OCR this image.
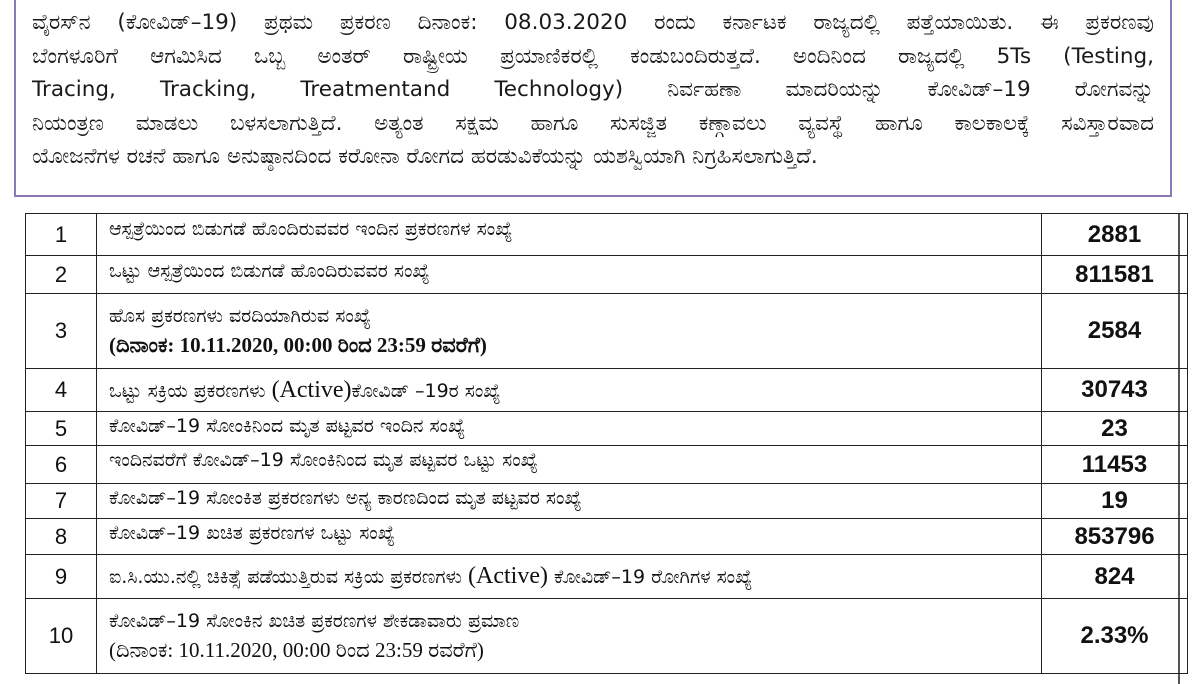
ವೈರಸ್‌ನ (ಕೋವಿಡ್–19) ಪ್ರಥಮ ಪ್ರಕರಣ ದಿನಾಂಕ: 08.03.2020 ರಂದು ಕರ್ನಾಟಕ ರಾಜ್ಯದಲ್ಲಿ ಪತ್ತೆಯಾಯಿತು. ಈ ಪ್ರಕರಣವು
ಬೆಂಗಳೂರಿಗೆ ಆಗಮಿಸಿದ ಒಬ್ಬ ಅಂತರ್ ರಾಷ್ಟ್ರೀಯ ಪ್ರಯಾಣಿಕರಲ್ಲಿ ಕಂಡುಬಂದಿರುತ್ತದೆ. ಅಂದಿನಿಂದ ರಾಜ್ಯದಲ್ಲಿ 5Ts (Testing,
Tracing, Tracking, Treatmentand Technology) ನಿರ್ವಹಣಾ ಮಾದರಿಯನ್ನು ಕೋವಿಡ್–19 ರೋಗವನ್ನು
ನಿಯಂತ್ರಣ ಮಾಡಲು ಬಳಸಲಾಗುತ್ತಿದೆ. ಅತ್ಯಂತ ಸಕ್ಷಮ ಹಾಗೂ ಸುಸಜ್ಜಿತ ಕಣ್ಗಾವಲು ವ್ಯವಸ್ಥೆ ಹಾಗೂ ಕಾಲಕಾಲಕ್ಕೆ ಸವಿಸ್ತಾರವಾದ
ಯೋಜನೆಗಳ ರಚನೆ ಹಾಗೂ ಅನುಷ್ಠಾನದಿಂದ ಕರೋನಾ ರೋಗದ ಹರಡುವಿಕೆಯನ್ನು ಯಶಸ್ವಿಯಾಗಿ ನಿಗ್ರಹಿಸಲಾಗುತ್ತಿದೆ.
1	ಆಸ್ಪತ್ರೆಯಿಂದ ಬಿಡುಗಡೆ ಹೊಂದಿರುವವರ ಇಂದಿನ ಪ್ರಕರಣಗಳ ಸಂಖ್ಯೆ	2881
2	ಒಟ್ಟು ಆಸ್ಪತ್ರೆಯಿಂದ ಬಿಡುಗಡೆ ಹೊಂದಿರುವವರ ಸಂಖ್ಯೆ	811581
3	ಹೊಸ ಪ್ರಕರಣಗಳು ವರದಿಯಾಗಿರುವ ಸಂಖ್ಯೆ
(ದಿನಾಂಕ: 10.11.2020, 00:00 ರಿಂದ 23:59 ರವರೆಗೆ)	2584
4	ಒಟ್ಟು ಸಕ್ರಿಯ ಪ್ರಕರಣಗಳು (Active)ಕೋವಿಡ್ –19ರ ಸಂಖ್ಯೆ	30743
5	ಕೋವಿಡ್–19 ಸೋಂಕಿನಿಂದ ಮೃತ ಪಟ್ಟವರ ಇಂದಿನ ಸಂಖ್ಯೆ	23
6	ಇಂದಿನವರೆಗೆ ಕೋವಿಡ್–19 ಸೋಂಕಿನಿಂದ ಮೃತ ಪಟ್ಟವರ ಒಟ್ಟು ಸಂಖ್ಯೆ	11453
7	ಕೋವಿಡ್–19 ಸೋಂಕಿತ ಪ್ರಕರಣಗಳು ಅನ್ಯ ಕಾರಣದಿಂದ ಮೃತ ಪಟ್ಟವರ ಸಂಖ್ಯೆ	19
8	ಕೋವಿಡ್–19 ಖಚಿತ ಪ್ರಕರಣಗಳ ಒಟ್ಟು ಸಂಖ್ಯೆ	853796
9	ಐ.ಸಿ.ಯು.ನಲ್ಲಿ ಚಿಕಿತ್ಸೆ ಪಡೆಯುತ್ತಿರುವ ಸಕ್ರಿಯ ಪ್ರಕರಣಗಳು (Active) ಕೋವಿಡ್–19 ರೋಗಿಗಳ ಸಂಖ್ಯೆ	824
10	ಕೋವಿಡ್–19 ಸೋಂಕಿನ ಖಚಿತ ಪ್ರಕರಣಗಳ ಶೇಕಡಾವಾರು ಪ್ರಮಾಣ
(ದಿನಾಂಕ: 10.11.2020, 00:00 ರಿಂದ 23:59 ರವರೆಗೆ)	2.33%
